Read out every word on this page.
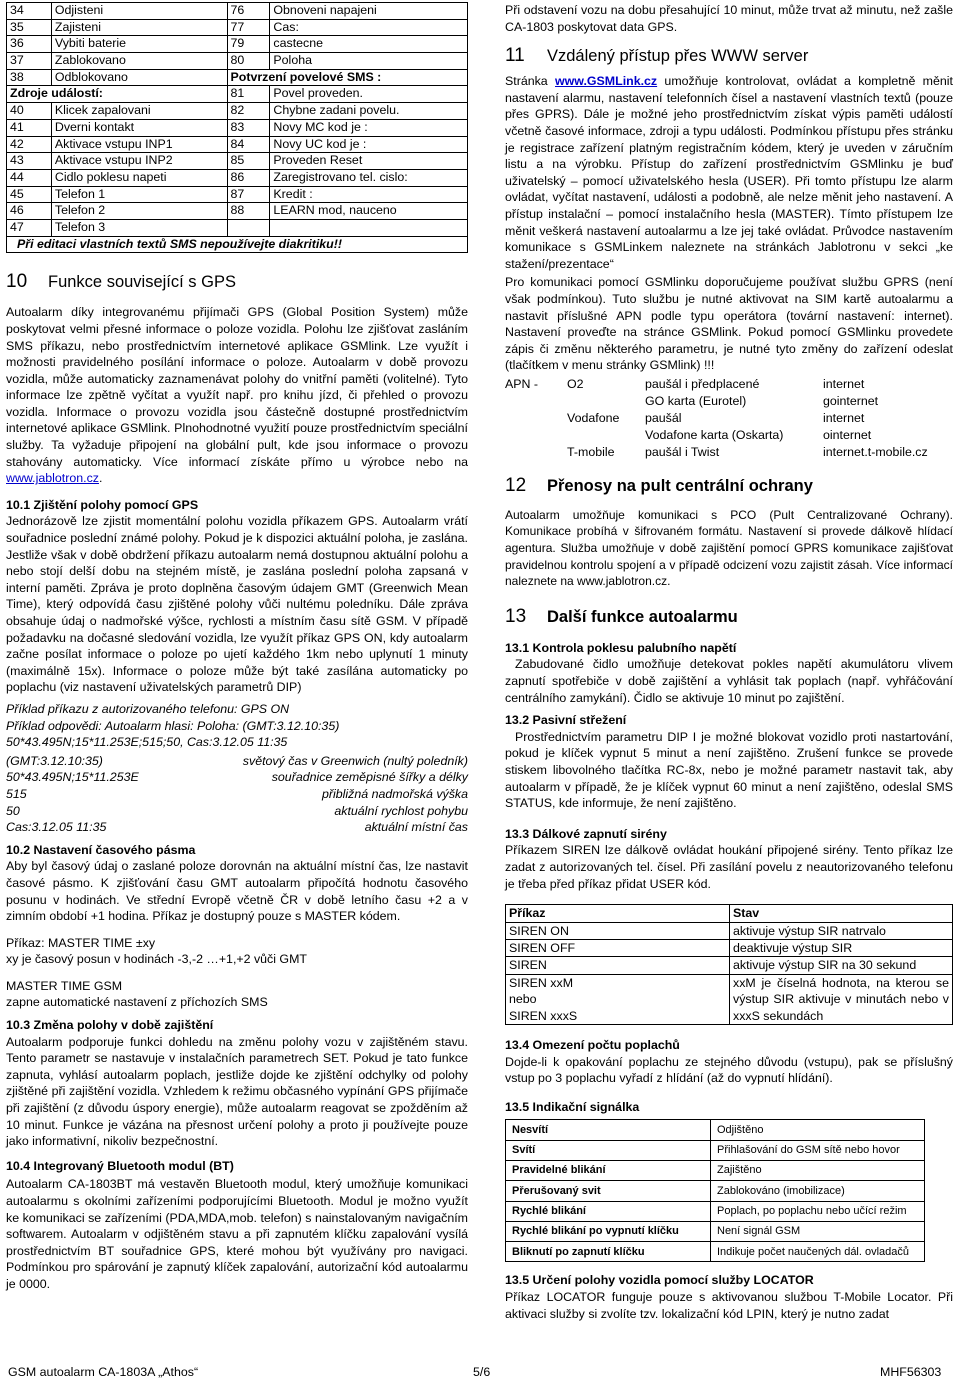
34	Odjisteni	76	Obnoveni napajeni
35	Zajisteni	77	Cas:
36	Vybiti baterie	79	castecne
37	Zablokovano	80	Poloha
38	Odblokovano	Potvrzení povelové SMS :	
Zdroje událostí:		81	Povel proveden.
40	Klicek zapalovani	82	Chybne zadani povelu.
41	Dverni kontakt	83	Novy MC kod je :
42	Aktivace vstupu INP1	84	Novy UC kod je :
43	Aktivace vstupu INP2	85	Proveden Reset
44	Cidlo poklesu napeti	86	Zaregistrovano tel. cislo:
45	Telefon 1	87	Kredit :
46	Telefon 2	88	LEARN mod, nauceno
47	Telefon 3		
Při editaci vlastních textů SMS nepoužívejte diakritiku!!			
10	Funkce související s GPS

Autoalarm díky integrovanému přijímači GPS (Global Position System) může poskytovat velmi přesné informace o poloze vozidla. Polohu lze zjišťovat zasláním SMS příkazu, nebo prostřednictvím internetové aplikace GSMlink. Lze využít i možnosti pravidelného posílání informace o poloze. Autoalarm v době provozu vozidla, může automaticky zaznamenávat polohy do vnitřní paměti (volitelné). Tyto informace lze zpětně vyčítat a využít např. pro knihu jízd, či přehled o provozu vozidla. Informace o provozu vozidla jsou částečně dostupné prostřednictvím internetové aplikace GSMlink. Plnohodnotné využití pouze prostřednictvím speciální služby. Ta vyžaduje připojení na globální pult, kde jsou informace o provozu stahovány automaticky. Více informací získáte přímo u výrobce nebo na www.jablotron.cz.

10.1 Zjištění polohy pomocí GPS

Jednorázově lze zjistit momentální polohu vozidla příkazem GPS. Autoalarm vrátí souřadnice poslední známé polohy. Pokud je k dispozici aktuální poloha, je zaslána. Jestliže však v době obdržení příkazu autoalarm nemá dostupnou aktuální polohu a nebo stojí delší dobu na stejném místě, je zaslána poslední poloha zapsaná v interní paměti. Zpráva je proto doplněna časovým údajem GMT (Greenwich Mean Time), který odpovídá času zjištěné polohy vůči nultému poledníku. Dále zpráva obsahuje údaj o nadmořské výšce, rychlosti a místním času sítě GSM. V případě požadavku na dočasné sledování vozidla, lze využít příkaz GPS ON, kdy autoalarm začne posílat informace o poloze po ujetí každého 1km nebo uplynutí 1 minuty (maximálně 15x). Informace o poloze může být také zasílána automaticky po poplachu (viz nastavení uživatelských parametrů DIP)

Příklad příkazu z autorizovaného telefonu: GPS ON

Příklad odpovědi: Autoalarm hlasi: Poloha: (GMT:3.12.10:35) 50*43.495N;15*11.253E;515;50, Cas:3.12.05 11:35

(GMT:3.12.10:35)	světový čas v Greenwich (nultý poledník)
50*43.495N;15*11.253E	souřadnice zeměpisné šířky a délky
515	přibližná nadmořská výška
50	aktuální rychlost pohybu
Cas:3.12.05 11:35	aktuální místní čas
10.2 Nastavení časového pásma

Aby byl časový údaj o zaslané poloze dorovnán na aktuální místní čas, lze nastavit časové pásmo. K zjišťování času GMT autoalarm připočítá hodnotu časového posunu v hodinách. Ve střední Evropě včetně ČR v době letního času +2 a v zimním období +1 hodina. Příkaz je dostupný pouze s MASTER kódem.

Příkaz: MASTER TIME ±xy

xy je časový posun v hodinách -3,-2 …+1,+2 vůči GMT

MASTER TIME GSM

zapne automatické nastavení z příchozích SMS

10.3 Změna polohy v době zajištění

Autoalarm podporuje funkci dohledu na změnu polohy vozu v zajištěném stavu. Tento parametr se nastavuje v instalačních parametrech SET. Pokud je tato funkce zapnuta, vyhlásí autoalarm poplach, jestliže dojde ke zjištění odchylky od polohy zjištěné při zajištění vozidla. Vzhledem k režimu občasného vypínání GPS přijímače při zajištění (z důvodu úspory energie), může autoalarm reagovat se zpožděním až 10 minut. Funkce je vázána na přesnost určení polohy a proto ji používejte pouze jako informativní, nikoliv bezpečnostní.

10.4 Integrovaný Bluetooth modul (BT)

Autoalarm CA-1803BT má vestavěn Bluetooth modul, který umožňuje komunikaci autoalarmu s okolními zařízeními podporujícími Bluetooth. Modul je možno využít ke komunikaci se zařízeními (PDA,MDA,mob. telefon) s nainstalovaným navigačním softwarem. Autoalarm v odjištěném stavu a při zapnutém klíčku zapalování vysílá prostřednictvím BT souřadnice GPS, které mohou být využívány pro navigaci. Podmínkou pro spárování je zapnutý klíček zapalování, autorizační kód autoalarmu je 0000.

Při odstavení vozu na dobu přesahující 10 minut, může trvat až minutu, než zašle CA-1803 poskytovat data GPS.

11	Vzdálený přístup přes WWW server

Stránka www.GSMLink.cz umožňuje kontrolovat, ovládat a kompletně měnit nastavení alarmu, nastavení telefonních čísel a nastavení vlastních textů (pouze přes GPRS). Dále je možné jeho prostřednictvím získat výpis paměti událostí včetně časové informace, zdroji a typu události. Podmínkou přístupu přes stránku je registrace zařízení platným registračním kódem, který je uveden v záručním listu a na výrobku. Přístup do zařízení prostřednictvím GSMlinku je buď uživatelský – pomocí uživatelského hesla (USER). Při tomto přístupu lze alarm ovládat, vyčítat nastavení, události a podobně, ale nelze měnit jeho nastavení. A přístup instalační – pomocí instalačního hesla (MASTER). Tímto přístupem lze měnit veškerá nastavení autoalarmu a lze jej také ovládat. Průvodce nastavením komunikace s GSMLinkem naleznete na stránkách Jablotronu v sekci „ke stažení/prezentace“

Pro komunikaci pomocí GSMlinku doporučujeme používat službu GPRS (není však podmínkou). Tuto službu je nutné aktivovat na SIM kartě autoalarmu a nastavit příslušné APN podle typu operátora (tovární nastavení: internet). Nastavení proveďte na stránce GSMlink. Pokud pomocí GSMlinku provedete zápis či změnu některého parametru, je nutné tyto změny do zařízení odeslat (tlačítkem v menu stránky GSMlink) !!!

APN -	O2	paušál i předplacené	internet
		GO karta (Eurotel)	gointernet
	Vodafone	paušál	internet
		Vodafone karta (Oskarta)	ointernet
	T-mobile	paušál i Twist	internet.t-mobile.cz
12	Přenosy na pult centrální ochrany

Autoalarm umožňuje komunikaci s PCO (Pult Centralizované Ochrany). Komunikace probíhá v šifrovaném formátu. Nastavení si provede dálkově hlídací agentura. Služba umožňuje v době zajištění pomocí GPRS komunikace zajišťovat pravidelnou kontrolu spojení a v případě odcizení vozu zajistit zásah. Více informací naleznete na www.jablotron.cz.

13	Další funkce autoalarmu
13.1 Kontrola poklesu palubního napětí

Zabudované čidlo umožňuje detekovat pokles napětí akumulátoru vlivem zapnutí spotřebiče v době zajištění a vyhlásit tak poplach (např. vyhřáčování centrálního zamykání). Čidlo se aktivuje 10 minut po zajištění.

13.2 Pasivní střežení

Prostřednictvím parametru DIP I je možné blokovat vozidlo proti nastartování, pokud je klíček vypnut 5 minut a není zajištěno. Zrušení funkce se provede stiskem libovolného tlačítka RC-8x, nebo je možné parametr nastavit tak, aby autoalarm v případě, že je klíček vypnut 60 minut a není zajištěno, odeslal SMS STATUS, kde informuje, že není zajištěno.

13.3 Dálkové zapnutí sirény

Příkazem SIREN lze dálkově ovládat houkání připojené sirény. Tento příkaz lze zadat z autorizovaných tel. čísel. Při zasílání povelu z neautorizovaného telefonu je třeba před příkaz přidat USER kód.

Příkaz	Stav
SIREN ON	aktivuje výstup SIR natrvalo
SIREN OFF	deaktivuje výstup SIR
SIREN	aktivuje výstup SIR na 30 sekund

SIREN xxM
nebo
SIREN xxxS	xxM je číselná hodnota, na kterou se výstup SIR aktivuje v minutách nebo v xxxS sekundách
13.4 Omezení počtu poplachů

Dojde-li k opakování poplachu ze stejného důvodu (vstupu), pak se příslušný vstup po 3 poplachu vyřadí z hlídání (až do vypnutí hlídání).

13.5 Indikační signálka
Nesvítí	Odjištěno
Svítí	Přihlašování do GSM sítě nebo hovor
Pravidelné blikání	Zajištěno
Přerušovaný svit	Zablokováno (imobilizace)
Rychlé blikání	Poplach, po poplachu nebo učící režim
Rychlé blikání po vypnutí klíčku	Není signál GSM
Bliknutí po zapnutí klíčku	Indikuje počet naučených dál. ovladačů
13.5 Určení polohy vozidla pomocí služby LOCATOR

Příkaz LOCATOR funguje pouze s aktivovanou službou T-Mobile Locator. Při aktivaci služby si zvolíte tzv. lokalizační kód LPIN, který je nutno zadat

GSM autoalarm CA-1803A „Athos“	5/6	MHF56303
